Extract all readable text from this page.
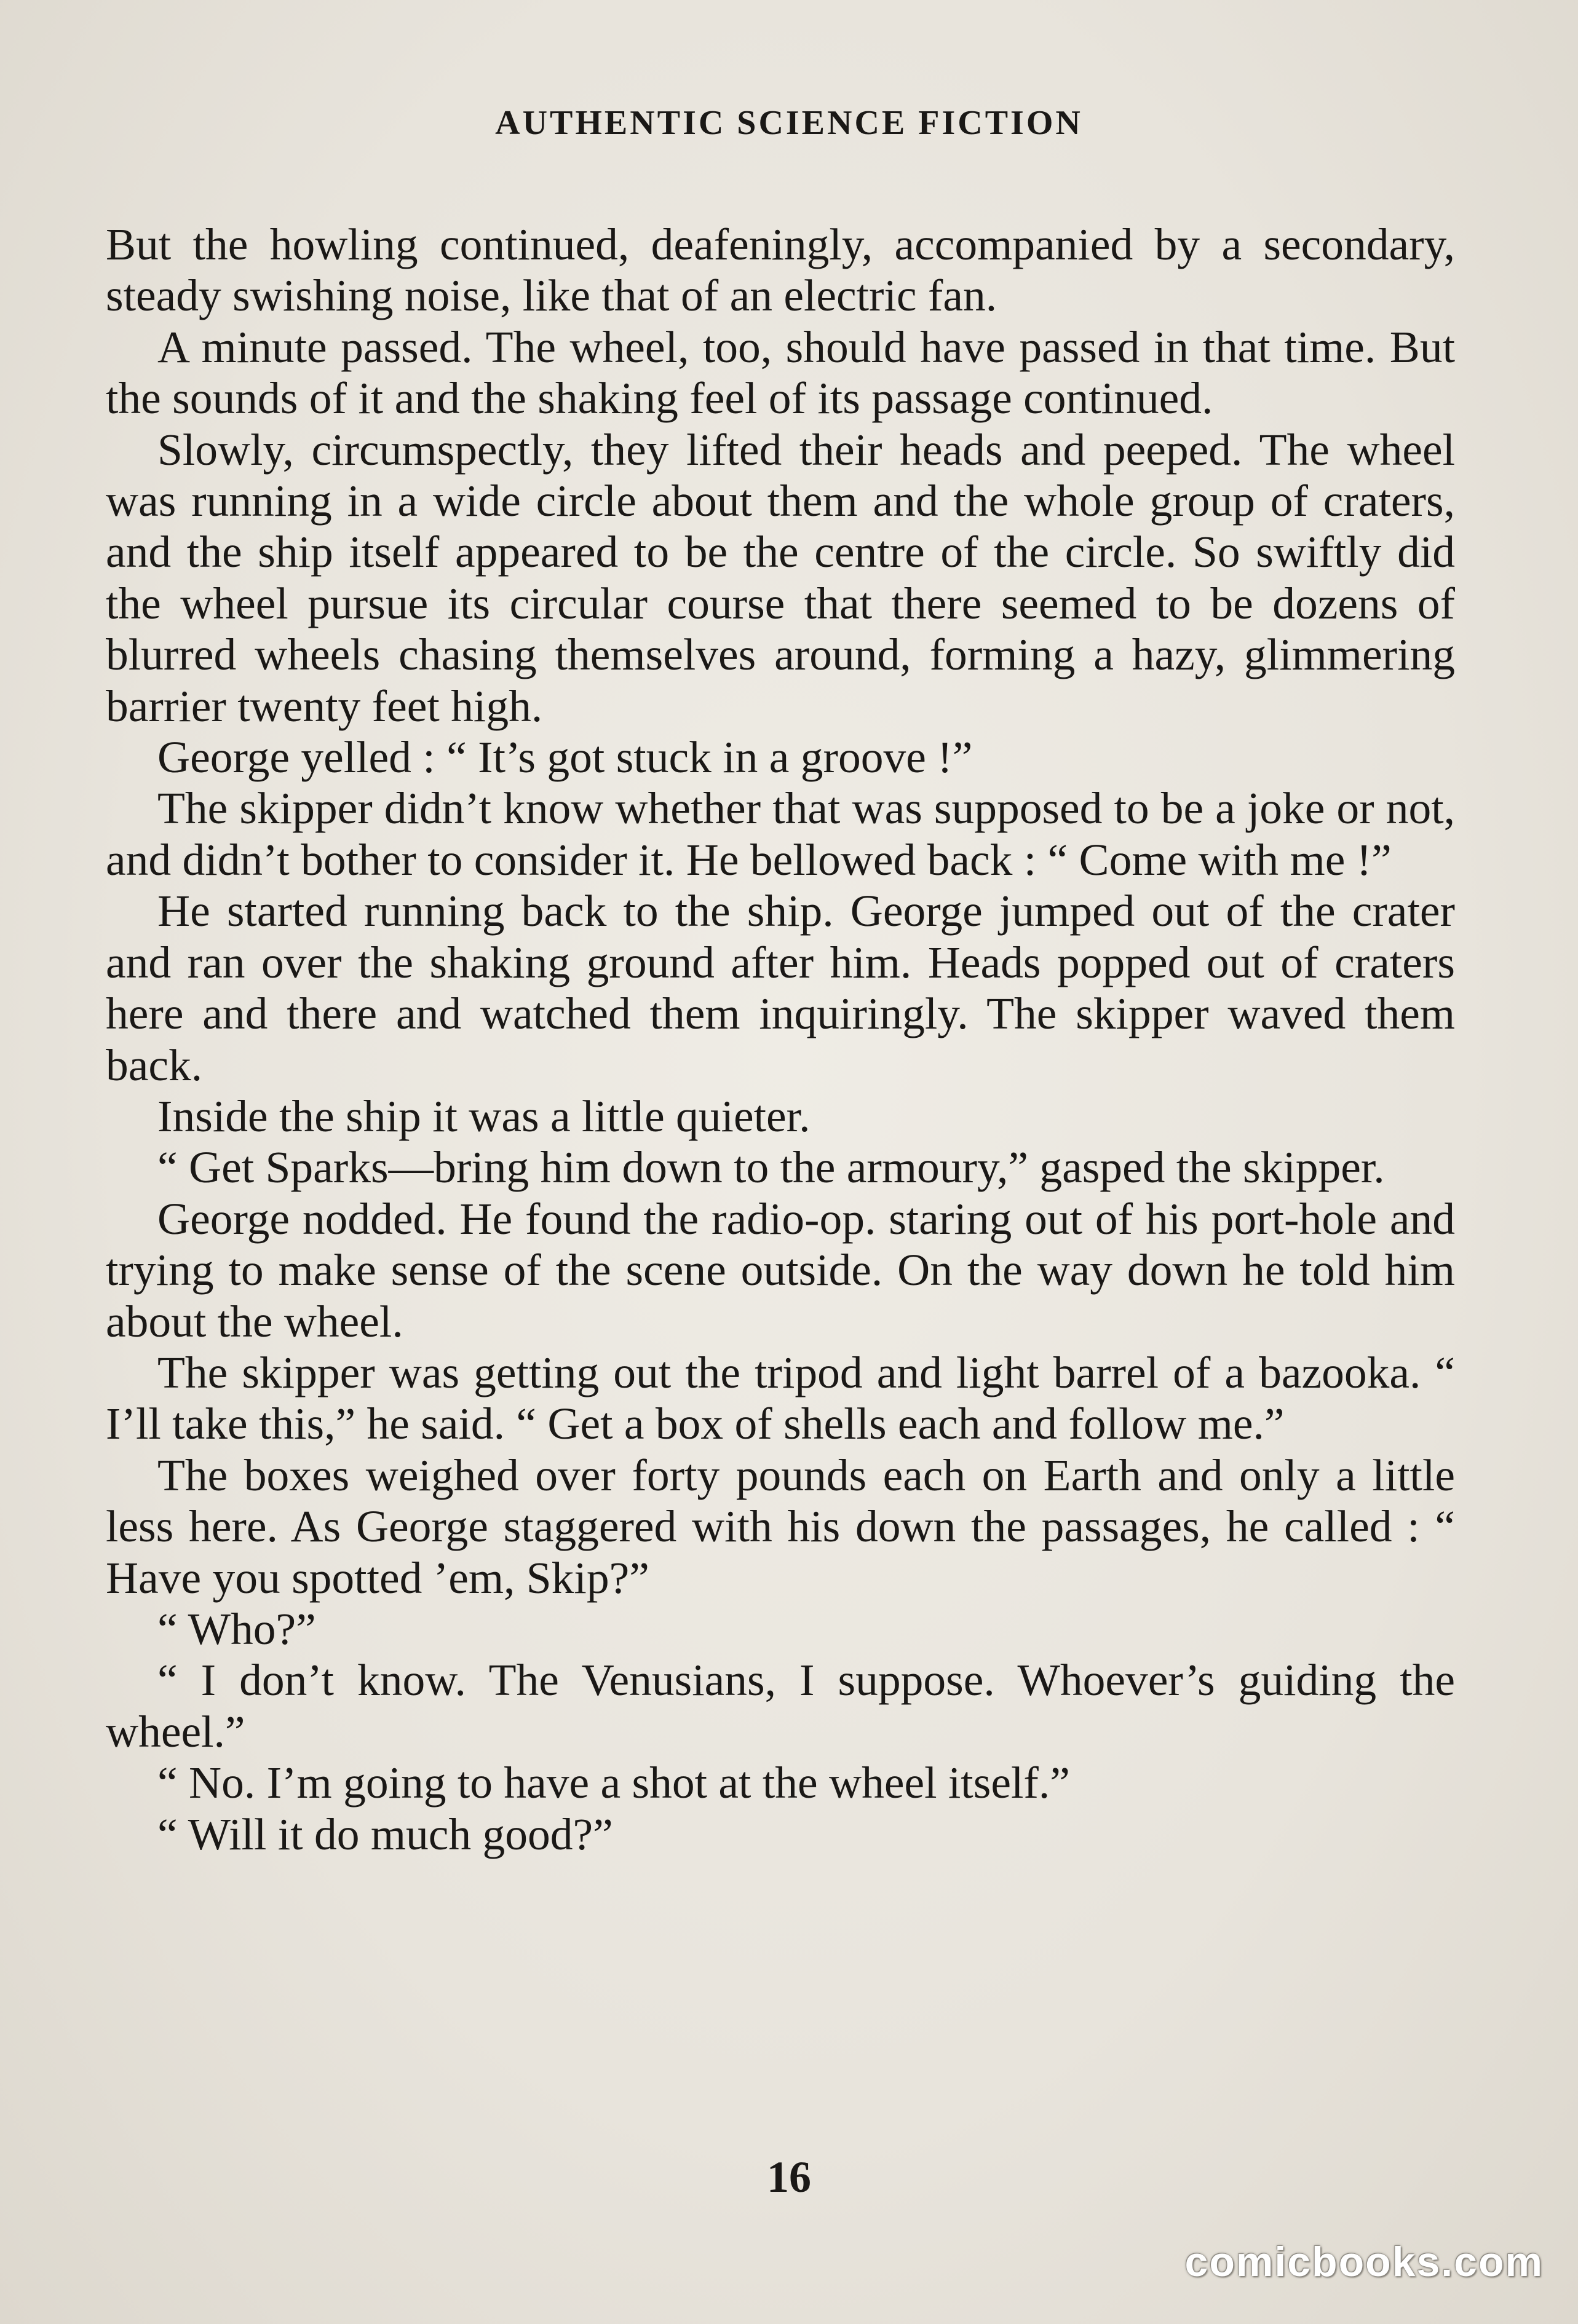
AUTHENTIC SCIENCE FICTION

But the howling continued, deafeningly, accompanied by a secondary, steady swishing noise, like that of an electric fan.

A minute passed. The wheel, too, should have passed in that time. But the sounds of it and the shaking feel of its passage continued.

Slowly, circumspectly, they lifted their heads and peeped. The wheel was running in a wide circle about them and the whole group of craters, and the ship itself appeared to be the centre of the circle. So swiftly did the wheel pursue its circular course that there seemed to be dozens of blurred wheels chasing themselves around, forming a hazy, glimmering barrier twenty feet high.

George yelled : “ It’s got stuck in a groove !”

The skipper didn’t know whether that was supposed to be a joke or not, and didn’t bother to consider it. He bellowed back : “ Come with me !”

He started running back to the ship. George jumped out of the crater and ran over the shaking ground after him. Heads popped out of craters here and there and watched them inquiringly. The skipper waved them back.

Inside the ship it was a little quieter.

“ Get Sparks—bring him down to the armoury,” gasped the skipper.

George nodded. He found the radio-op. staring out of his port-hole and trying to make sense of the scene outside. On the way down he told him about the wheel.

The skipper was getting out the tripod and light barrel of a bazooka. “ I’ll take this,” he said. “ Get a box of shells each and follow me.”

The boxes weighed over forty pounds each on Earth and only a little less here. As George staggered with his down the passages, he called : “ Have you spotted ’em, Skip?”

“ Who?”

“ I don’t know. The Venusians, I suppose. Whoever’s guiding the wheel.”

“ No. I’m going to have a shot at the wheel itself.”

“ Will it do much good?”

16
comicbooks.com
